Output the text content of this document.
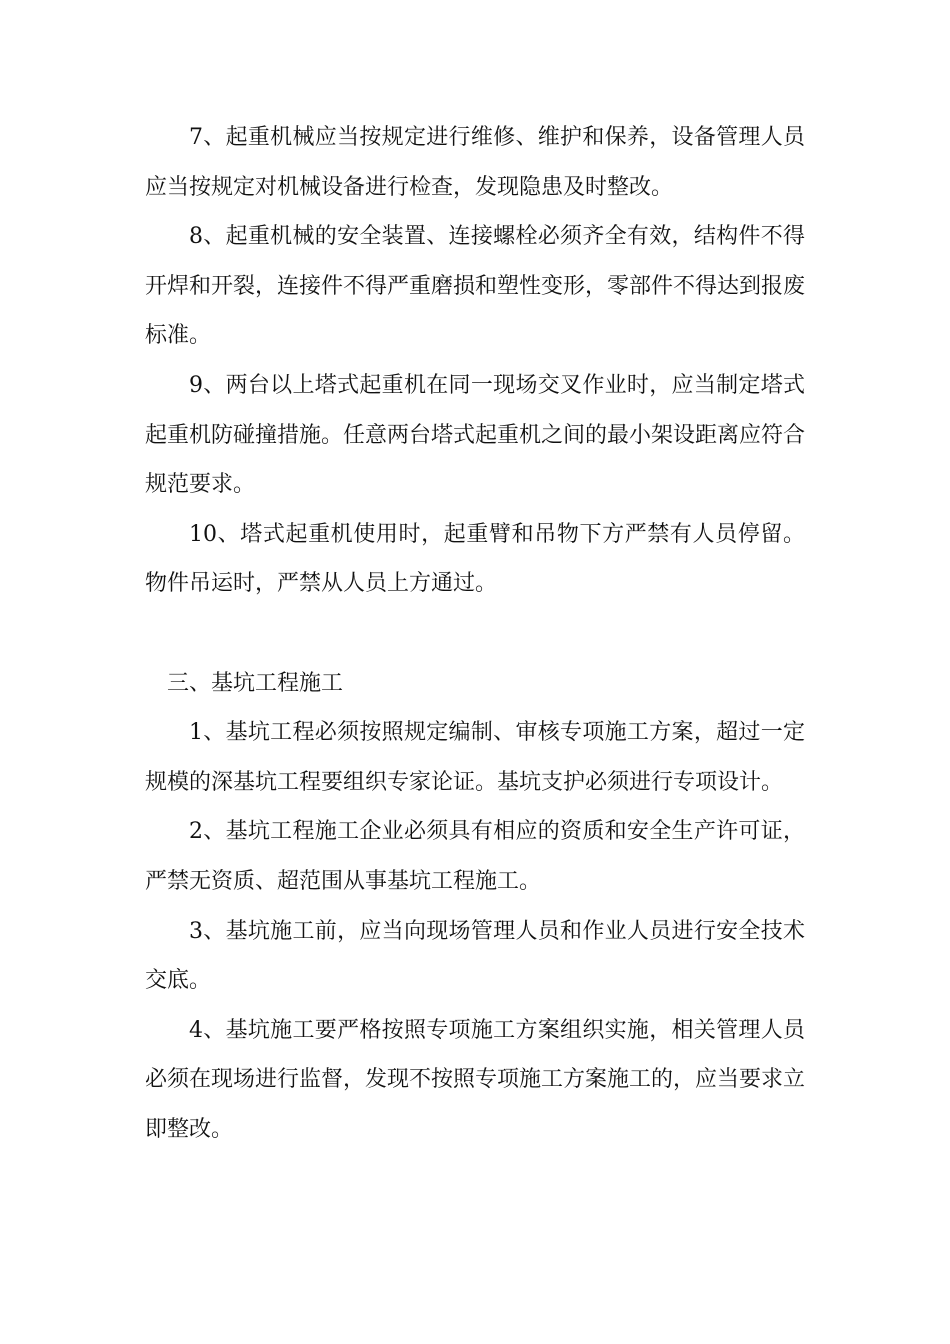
7、起重机械应当按规定进行维修、维护和保养，设备管理人员应当按规定对机械设备进行检查，发现隐患及时整改。

8、起重机械的安全装置、连接螺栓必须齐全有效，结构件不得开焊和开裂，连接件不得严重磨损和塑性变形，零部件不得达到报废标准。

9、两台以上塔式起重机在同一现场交叉作业时，应当制定塔式起重机防碰撞措施。任意两台塔式起重机之间的最小架设距离应符合规范要求。

10、塔式起重机使用时，起重臂和吊物下方严禁有人员停留。物件吊运时，严禁从人员上方通过。

三、基坑工程施工

1、基坑工程必须按照规定编制、审核专项施工方案，超过一定规模的深基坑工程要组织专家论证。基坑支护必须进行专项设计。

2、基坑工程施工企业必须具有相应的资质和安全生产许可证，严禁无资质、超范围从事基坑工程施工。

3、基坑施工前，应当向现场管理人员和作业人员进行安全技术交底。

4、基坑施工要严格按照专项施工方案组织实施，相关管理人员必须在现场进行监督，发现不按照专项施工方案施工的，应当要求立即整改。
